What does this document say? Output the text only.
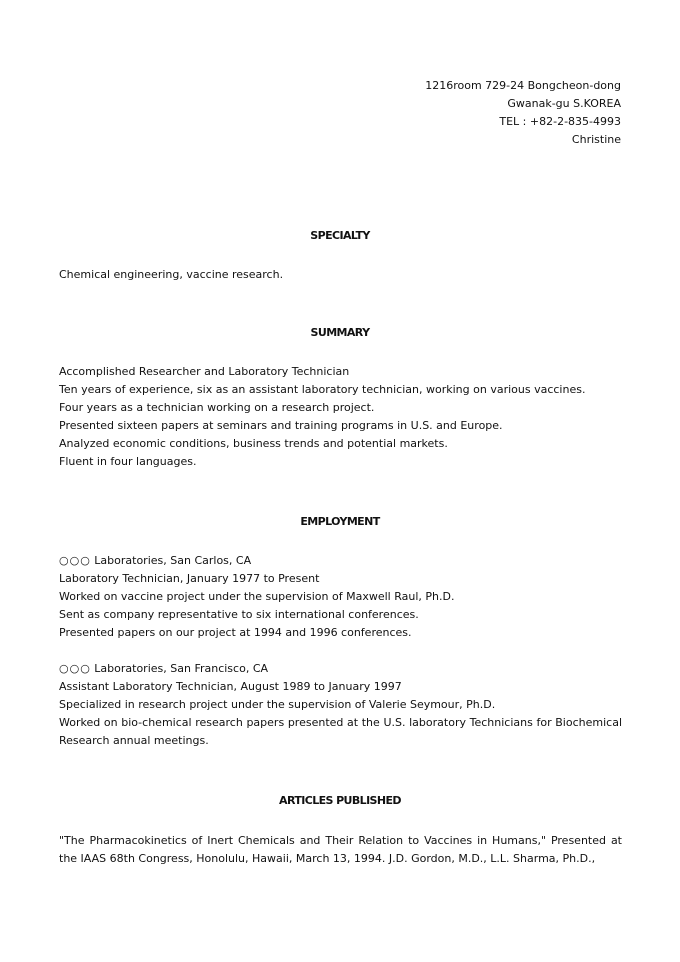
1216room 729-24 Bongcheon-dong
Gwanak-gu S.KOREA
TEL : +82-2-835-4993
Christine
SPECIALTY
Chemical engineering, vaccine research.
SUMMARY
Accomplished Researcher and Laboratory Technician
Ten years of experience, six as an assistant laboratory technician, working on various vaccines.
Four years as a technician working on a research project.
Presented sixteen papers at seminars and training programs in U.S. and Europe.
Analyzed economic conditions, business trends and potential markets.
Fluent in four languages.
EMPLOYMENT
○○○ Laboratories, San Carlos, CA
Laboratory Technician, January 1977 to Present
Worked on vaccine project under the supervision of Maxwell Raul, Ph.D.
Sent as company representative to six international conferences.
Presented papers on our project at 1994 and 1996 conferences.
○○○ Laboratories, San Francisco, CA
Assistant Laboratory Technician, August 1989 to January 1997
Specialized in research project under the supervision of Valerie Seymour, Ph.D.
Worked on bio-chemical research papers presented at the U.S. laboratory Technicians for Biochemical Research annual meetings.
ARTICLES PUBLISHED
"The Pharmacokinetics of Inert Chemicals and Their Relation to Vaccines in Humans," Presented at the IAAS 68th Congress, Honolulu, Hawaii, March 13, 1994. J.D. Gordon, M.D., L.L. Sharma, Ph.D.,
